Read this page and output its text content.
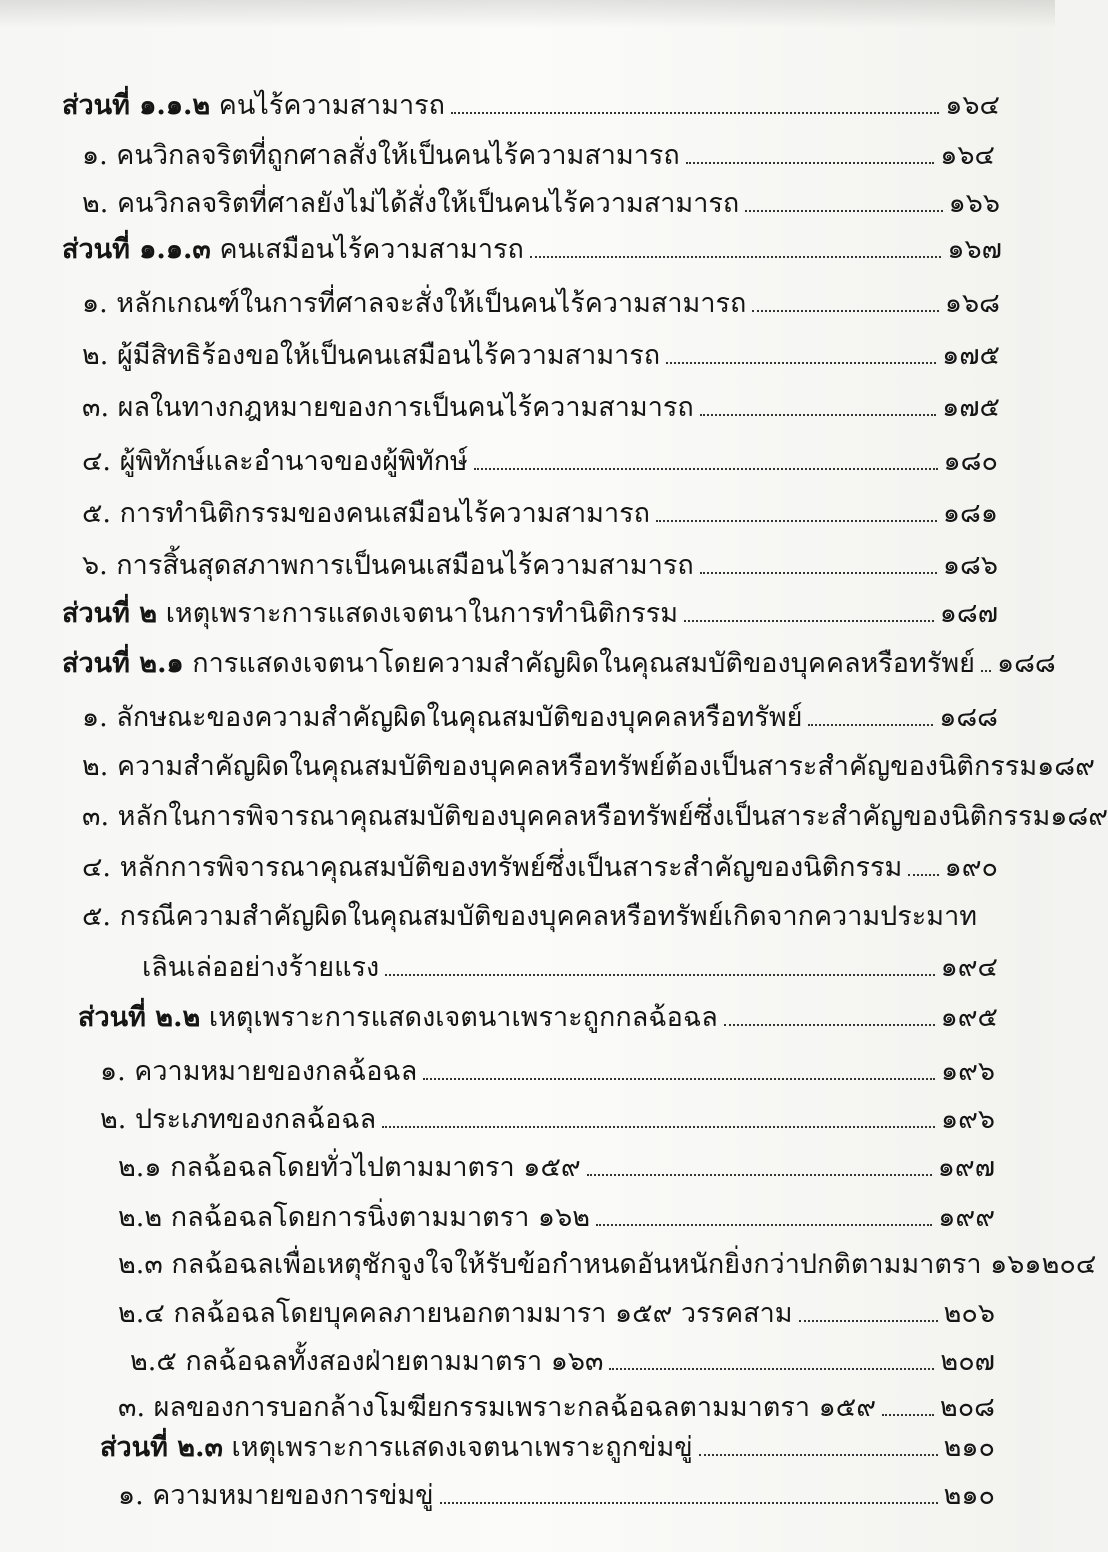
ส่วนที่ ๑.๑.๒ คนไร้ความสามารถ	๑๖๔
๑. คนวิกลจริตที่ถูกศาลสั่งให้เป็นคนไร้ความสามารถ	๑๖๔
๒. คนวิกลจริตที่ศาลยังไม่ได้สั่งให้เป็นคนไร้ความสามารถ	๑๖๖
ส่วนที่ ๑.๑.๓ คนเสมือนไร้ความสามารถ	๑๖๗
๑. หลักเกณฑ์ในการที่ศาลจะสั่งให้เป็นคนไร้ความสามารถ	๑๖๘
๒. ผู้มีสิทธิร้องขอให้เป็นคนเสมือนไร้ความสามารถ	๑๗๕
๓. ผลในทางกฎหมายของการเป็นคนไร้ความสามารถ	๑๗๕
๔. ผู้พิทักษ์และอำนาจของผู้พิทักษ์	๑๘๐
๕. การทำนิติกรรมของคนเสมือนไร้ความสามารถ	๑๘๑
๖. การสิ้นสุดสภาพการเป็นคนเสมือนไร้ความสามารถ	๑๘๖
ส่วนที่ ๒ เหตุเพราะการแสดงเจตนาในการทำนิติกรรม	๑๘๗
ส่วนที่ ๒.๑ การแสดงเจตนาโดยความสำคัญผิดในคุณสมบัติของบุคคลหรือทรัพย์ ๑๘๘
๑. ลักษณะของความสำคัญผิดในคุณสมบัติของบุคคลหรือทรัพย์	๑๘๘
๒. ความสำคัญผิดในคุณสมบัติของบุคคลหรือทรัพย์ต้องเป็นสาระสำคัญของนิติกรรม ๑๘๙
๓. หลักในการพิจารณาคุณสมบัติของบุคคลหรือทรัพย์ซึ่งเป็นสาระสำคัญของนิติกรรม ๑๘๙
๔. หลักการพิจารณาคุณสมบัติของทรัพย์ซึ่งเป็นสาระสำคัญของนิติกรรม ๑๙๐
๕. กรณีความสำคัญผิดในคุณสมบัติของบุคคลหรือทรัพย์เกิดจากความประมาท
เลินเล่ออย่างร้ายแรง	๑๙๔
ส่วนที่ ๒.๒ เหตุเพราะการแสดงเจตนาเพราะถูกกลฉ้อฉล	๑๙๕
๑. ความหมายของกลฉ้อฉล	๑๙๖
๒. ประเภทของกลฉ้อฉล	๑๙๖
๒.๑ กลฉ้อฉลโดยทั่วไปตามมาตรา ๑๕๙	๑๙๗
๒.๒ กลฉ้อฉลโดยการนิ่งตามมาตรา ๑๖๒	๑๙๙
๒.๓ กลฉ้อฉลเพื่อเหตุชักจูงใจให้รับข้อกำหนดอันหนักยิ่งกว่าปกติตามมาตรา ๑๖๑ ๒๐๔
๒.๔ กลฉ้อฉลโดยบุคคลภายนอกตามมารา ๑๕๙ วรรคสาม	๒๐๖
๒.๕ กลฉ้อฉลทั้งสองฝ่ายตามมาตรา ๑๖๓	๒๐๗
๓. ผลของการบอกล้างโมฆียกรรมเพราะกลฉ้อฉลตามมาตรา ๑๕๙ ๒๐๘
ส่วนที่ ๒.๓ เหตุเพราะการแสดงเจตนาเพราะถูกข่มขู่	๒๑๐
๑. ความหมายของการข่มขู่	๒๑๐
